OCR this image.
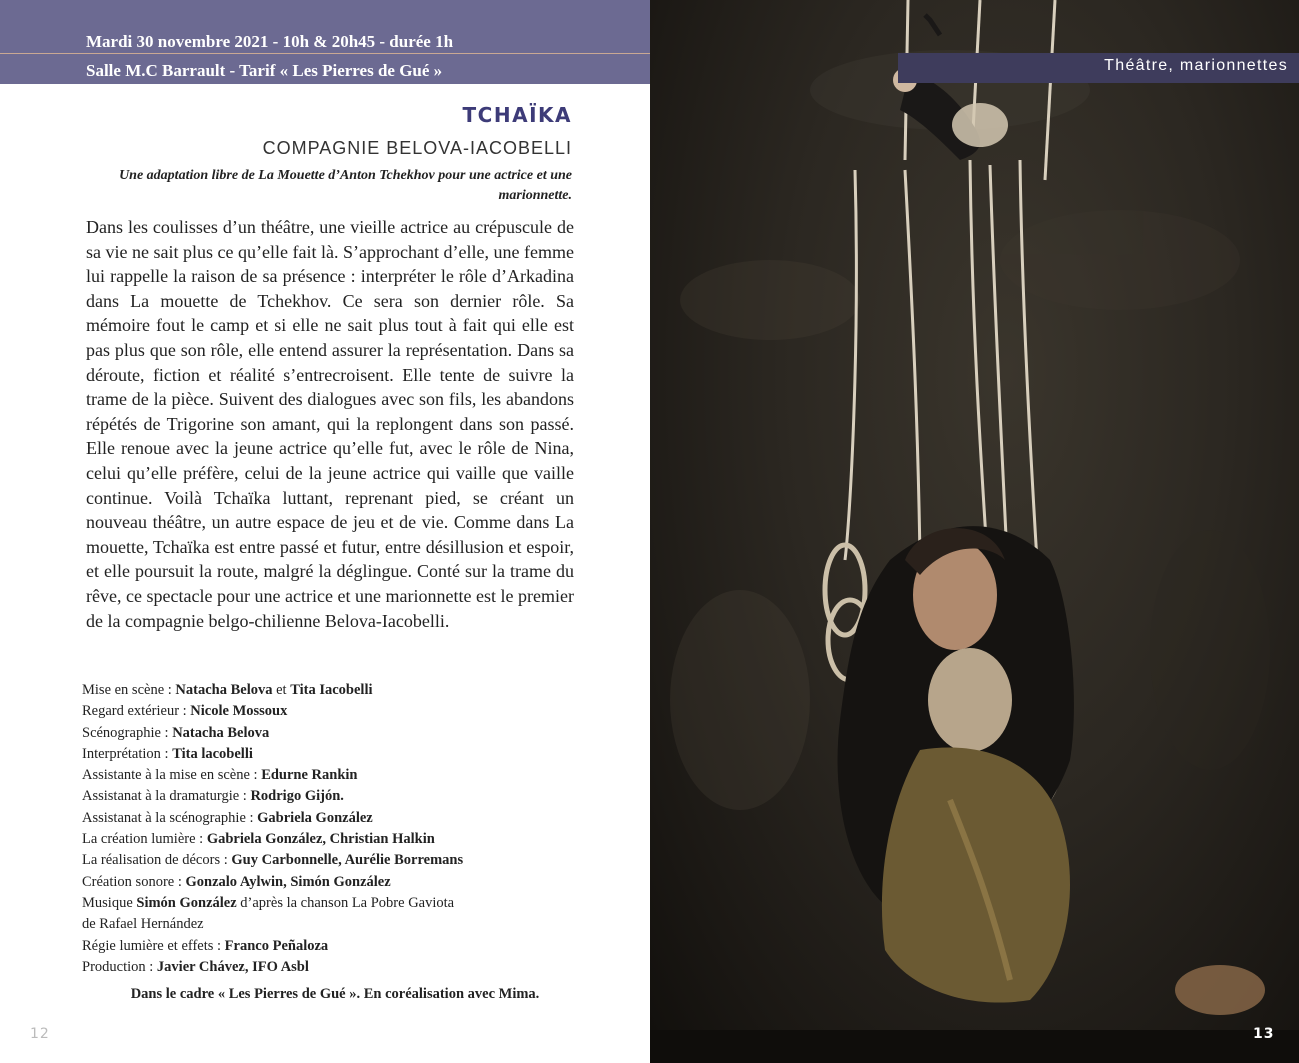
Mardi 30 novembre 2021 - 10h & 20h45 - durée 1h
Salle M.C Barrault - Tarif « Les Pierres de Gué »
TCHAÏKA
COMPAGNIE BELOVA-IACOBELLI
Une adaptation libre de La Mouette d’Anton Tchekhov pour une actrice et une marionnette.
Dans les coulisses d’un théâtre, une vieille actrice au crépuscule de sa vie ne sait plus ce qu’elle fait là. S’approchant d’elle, une femme lui rappelle la raison de sa présence : interpréter le rôle d’Arkadina dans La mouette de Tchekhov. Ce sera son dernier rôle. Sa mémoire fout le camp et si elle ne sait plus tout à fait qui elle est pas plus que son rôle, elle entend assurer la représentation. Dans sa déroute, fiction et réalité s’entrecroisent. Elle tente de suivre la trame de la pièce. Suivent des dialogues avec son fils, les abandons répétés de Trigorine son amant, qui la replongent dans son passé. Elle renoue avec la jeune actrice qu’elle fut, avec le rôle de Nina, celui qu’elle préfère, celui de la jeune actrice qui vaille que vaille continue. Voilà Tchaïka luttant, reprenant pied, se créant un nouveau théâtre, un autre espace de jeu et de vie. Comme dans La mouette, Tchaïka est entre passé et futur, entre désillusion et espoir, et elle poursuit la route, malgré la déglingue. Conté sur la trame du rêve, ce spectacle pour une actrice et une marionnette est le premier de la compagnie belgo-chilienne Belova-Iacobelli.
Mise en scène : Natacha Belova et Tita Iacobelli
Regard extérieur : Nicole Mossoux
Scénographie : Natacha Belova
Interprétation : Tita lacobelli
Assistante à la mise en scène : Edurne Rankin
Assistanat à la dramaturgie : Rodrigo Gijón.
Assistanat à la scénographie : Gabriela González
La création lumière : Gabriela González, Christian Halkin
La réalisation de décors : Guy Carbonnelle, Aurélie Borremans
Création sonore : Gonzalo Aylwin, Simón González
Musique Simón González d’après la chanson La Pobre Gaviota
de Rafael Hernández
Régie lumière et effets : Franco Peñaloza
Production : Javier Chávez, IFO Asbl
Dans le cadre « Les Pierres de Gué ». En coréalisation avec Mima.
12	13
Théâtre, marionnettes
